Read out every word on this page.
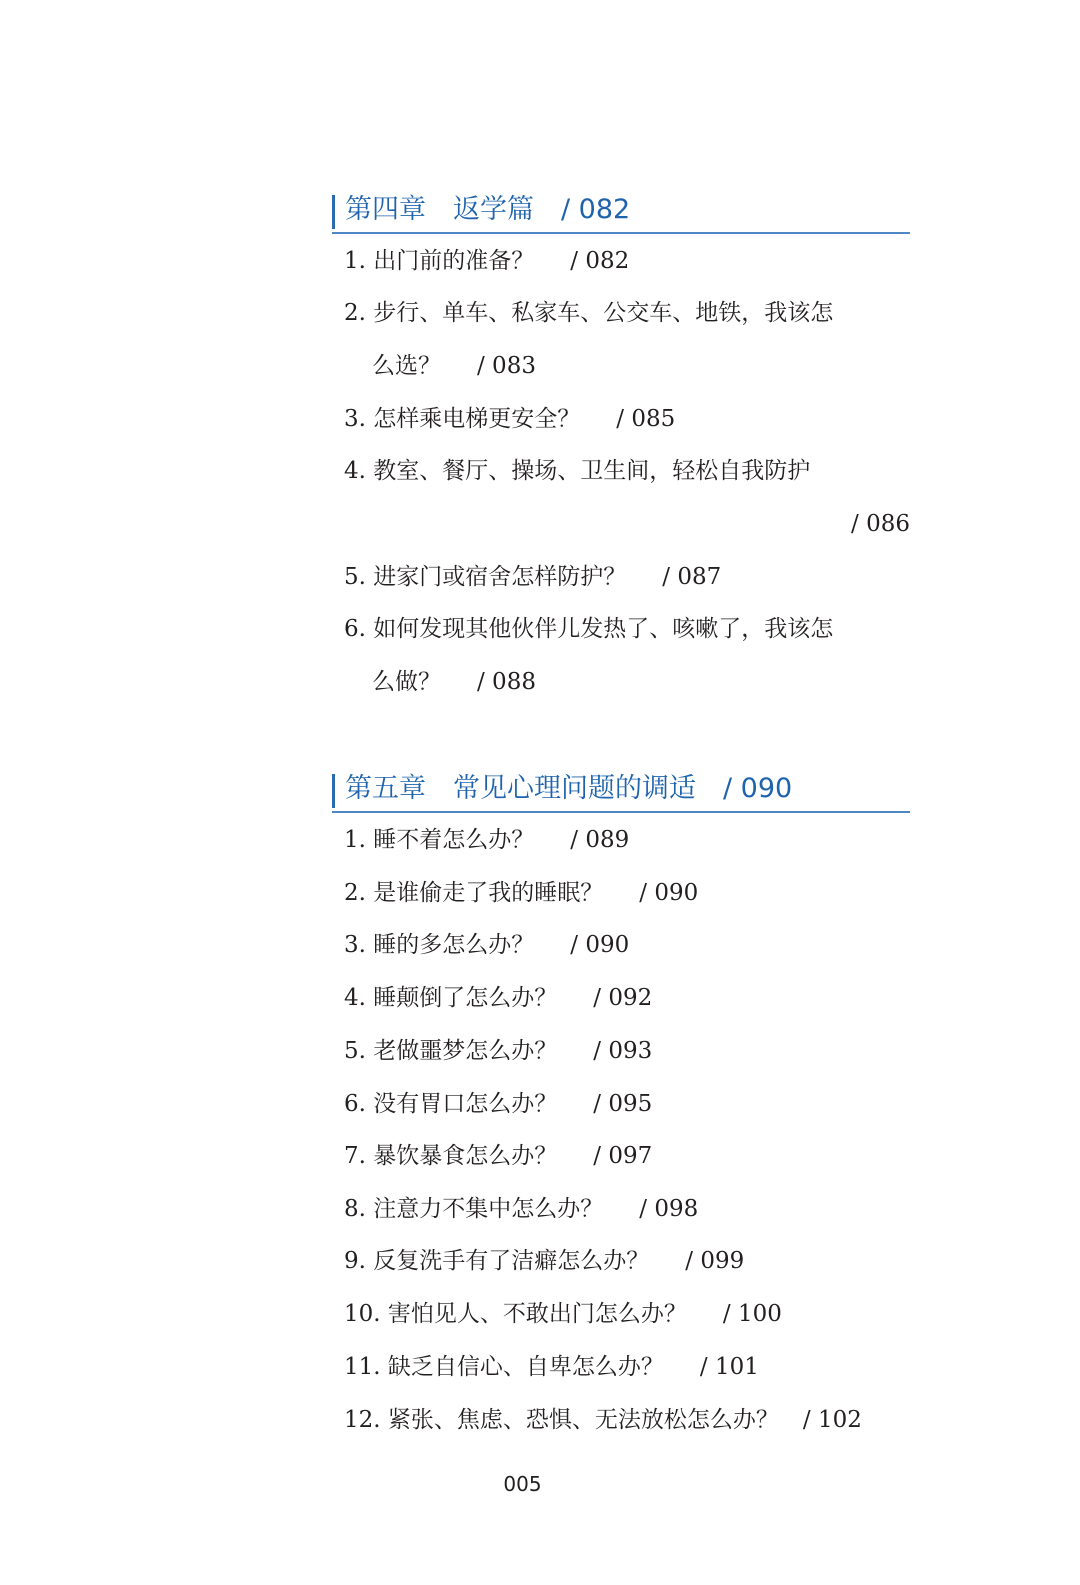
第四章　返学篇　/ 082
1. 出门前的准备？ / 082
2. 步行、单车、私家车、公交车、地铁，我该怎
么选？ / 083
3. 怎样乘电梯更安全？ / 085
4. 教室、餐厅、操场、卫生间，轻松自我防护
/ 086
5. 进家门或宿舍怎样防护？ / 087
6. 如何发现其他伙伴儿发热了、咳嗽了，我该怎
么做？ / 088
第五章　常见心理问题的调适　/ 090
1. 睡不着怎么办？ / 089
2. 是谁偷走了我的睡眠？ / 090
3. 睡的多怎么办？ / 090
4. 睡颠倒了怎么办？ / 092
5. 老做噩梦怎么办？ / 093
6. 没有胃口怎么办？ / 095
7. 暴饮暴食怎么办？ / 097
8. 注意力不集中怎么办？ / 098
9. 反复洗手有了洁癖怎么办？ / 099
10. 害怕见人、不敢出门怎么办？ / 100
11. 缺乏自信心、自卑怎么办？ / 101
12. 紧张、焦虑、恐惧、无法放松怎么办？ / 102
005
